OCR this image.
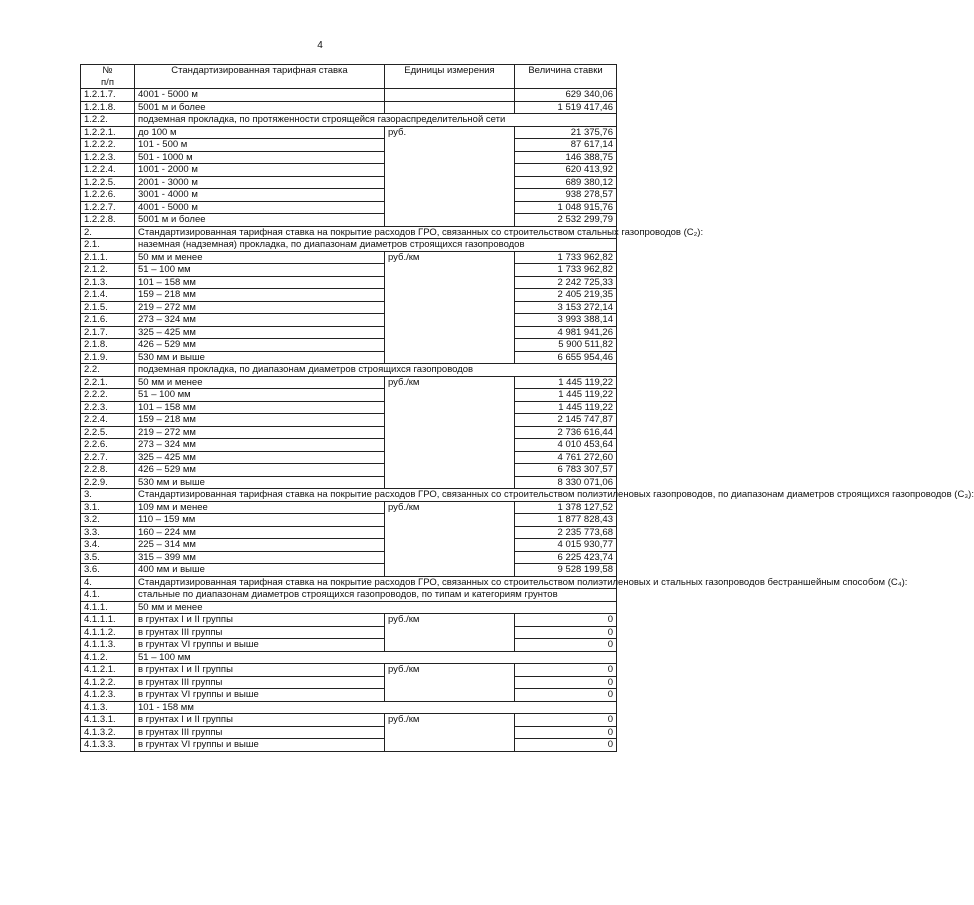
4
№
п/п	Стандартизированная тарифная ставка	Единицы измерения	Величина ставки
1.2.1.7.	4001 - 5000 м		629 340,06
1.2.1.8.	5001 м и более		1 519 417,46
1.2.2.	подземная прокладка, по протяженности строящейся газораспределительной сети		
1.2.2.1.	до 100 м	руб.	21 375,76
1.2.2.2.	101 - 500 м		87 617,14
1.2.2.3.	501 - 1000 м		146 388,75
1.2.2.4.	1001 - 2000 м		620 413,92
1.2.2.5.	2001 - 3000 м		689 380,12
1.2.2.6.	3001 - 4000 м		938 278,57
1.2.2.7.	4001 - 5000 м		1 048 915,76
1.2.2.8.	5001 м и более		2 532 299,79
2.	Стандартизированная тарифная ставка на покрытие расходов ГРО, связанных со строительством стальных газопроводов (C₂):		
2.1.	наземная (надземная) прокладка, по диапазонам диаметров строящихся газопроводов		
2.1.1.	50 мм и менее	руб./км	1 733 962,82
2.1.2.	51 – 100 мм		1 733 962,82
2.1.3.	101 – 158 мм		2 242 725,33
2.1.4.	159 – 218 мм		2 405 219,35
2.1.5.	219 – 272 мм		3 153 272,14
2.1.6.	273 – 324 мм		3 993 388,14
2.1.7.	325 – 425 мм		4 981 941,26
2.1.8.	426 – 529 мм		5 900 511,82
2.1.9.	530 мм и выше		6 655 954,46
2.2.	подземная прокладка, по диапазонам диаметров строящихся газопроводов		
2.2.1.	50 мм и менее	руб./км	1 445 119,22
2.2.2.	51 – 100 мм		1 445 119,22
2.2.3.	101 – 158 мм		1 445 119,22
2.2.4.	159 – 218 мм		2 145 747,87
2.2.5.	219 – 272 мм		2 736 616,44
2.2.6.	273 – 324 мм		4 010 453,64
2.2.7.	325 – 425 мм		4 761 272,60
2.2.8.	426 – 529 мм		6 783 307,57
2.2.9.	530 мм и выше		8 330 071,06
3.	Стандартизированная тарифная ставка на покрытие расходов ГРО, связанных со строительством полиэтиленовых газопроводов, по диапазонам диаметров строящихся газопроводов (C₃):		
3.1.	109 мм и менее	руб./км	1 378 127,52
3.2.	110 – 159 мм		1 877 828,43
3.3.	160 – 224 мм		2 235 773,68
3.4.	225 – 314 мм		4 015 930,77
3.5.	315 – 399 мм		6 225 423,74
3.6.	400 мм и выше		9 528 199,58
4.	Стандартизированная тарифная ставка на покрытие расходов ГРО, связанных со строительством полиэтиленовых и стальных газопроводов бестраншейным способом (C₄):		
4.1.	стальные по диапазонам диаметров строящихся газопроводов, по типам и категориям грунтов		
4.1.1.	50 мм и менее		
4.1.1.1.	в грунтах I и II группы	руб./км	0
4.1.1.2.	в грунтах III группы		0
4.1.1.3.	в грунтах VI группы и выше		0
4.1.2.	51 – 100 мм		
4.1.2.1.	в грунтах I и II группы	руб./км	0
4.1.2.2.	в грунтах III группы		0
4.1.2.3.	в грунтах VI группы и выше		0
4.1.3.	101 - 158 мм		
4.1.3.1.	в грунтах I и II группы	руб./км	0
4.1.3.2.	в грунтах III группы		0
4.1.3.3.	в грунтах VI группы и выше		0
